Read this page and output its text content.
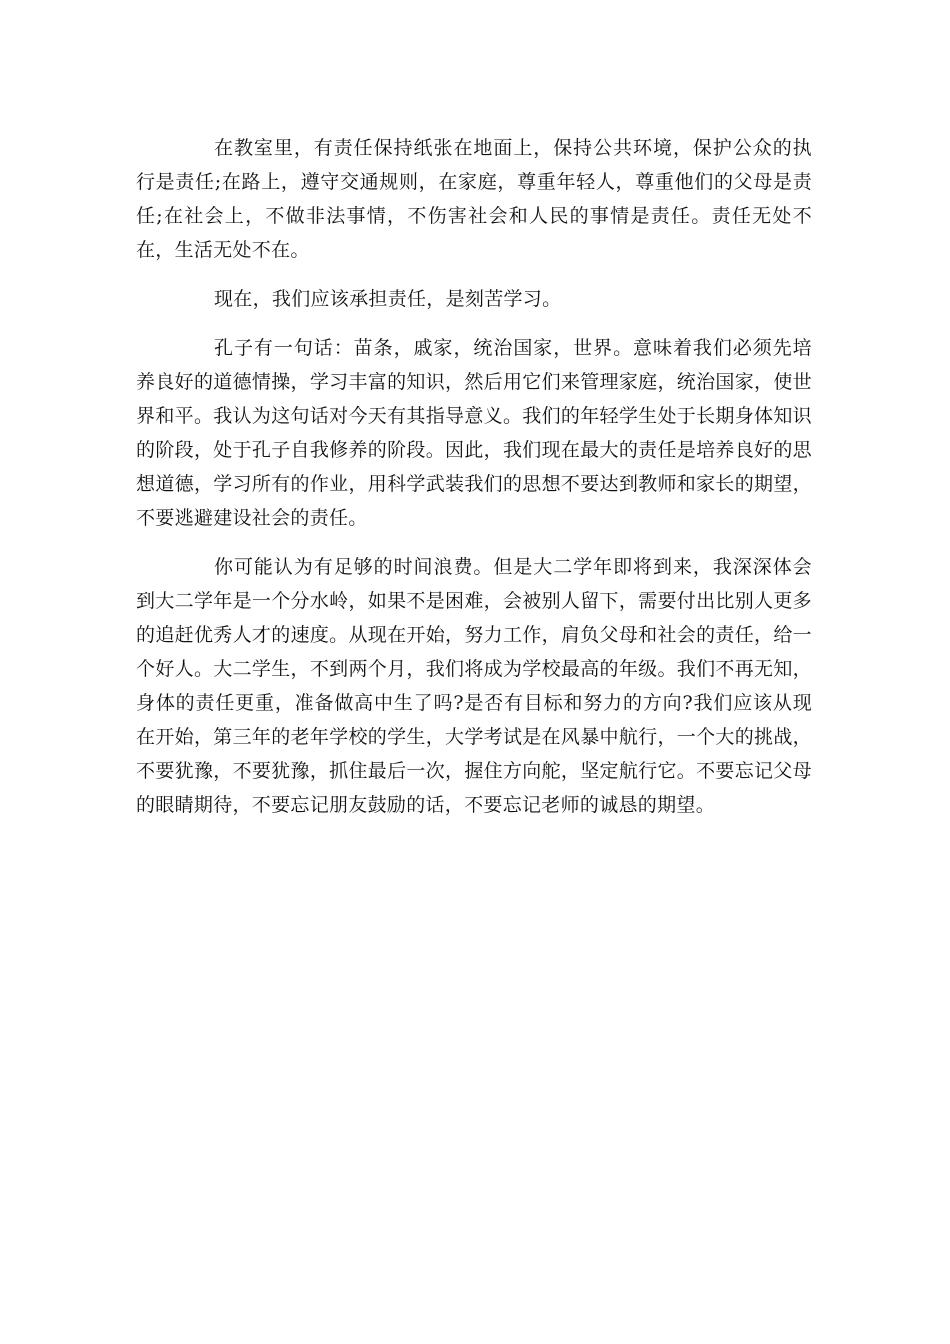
在教室里，有责任保持纸张在地面上，保持公共环境，保护公众的执行是责任;在路上，遵守交通规则，在家庭，尊重年轻人，尊重他们的父母是责任;在社会上，不做非法事情，不伤害社会和人民的事情是责任。责任无处不在，生活无处不在。

现在，我们应该承担责任，是刻苦学习。

孔子有一句话：苗条，戚家，统治国家，世界。意味着我们必须先培养良好的道德情操，学习丰富的知识，然后用它们来管理家庭，统治国家，使世界和平。我认为这句话对今天有其指导意义。我们的年轻学生处于长期身体知识的阶段，处于孔子自我修养的阶段。因此，我们现在最大的责任是培养良好的思想道德，学习所有的作业，用科学武装我们的思想不要达到教师和家长的期望，不要逃避建设社会的责任。

你可能认为有足够的时间浪费。但是大二学年即将到来，我深深体会到大二学年是一个分水岭，如果不是困难，会被别人留下，需要付出比别人更多的追赶优秀人才的速度。从现在开始，努力工作，肩负父母和社会的责任，给一个好人。大二学生，不到两个月，我们将成为学校最高的年级。我们不再无知，身体的责任更重，准备做高中生了吗?是否有目标和努力的方向?我们应该从现在开始，第三年的老年学校的学生，大学考试是在风暴中航行，一个大的挑战，不要犹豫，不要犹豫，抓住最后一次，握住方向舵，坚定航行它。不要忘记父母的眼睛期待，不要忘记朋友鼓励的话，不要忘记老师的诚恳的期望。
